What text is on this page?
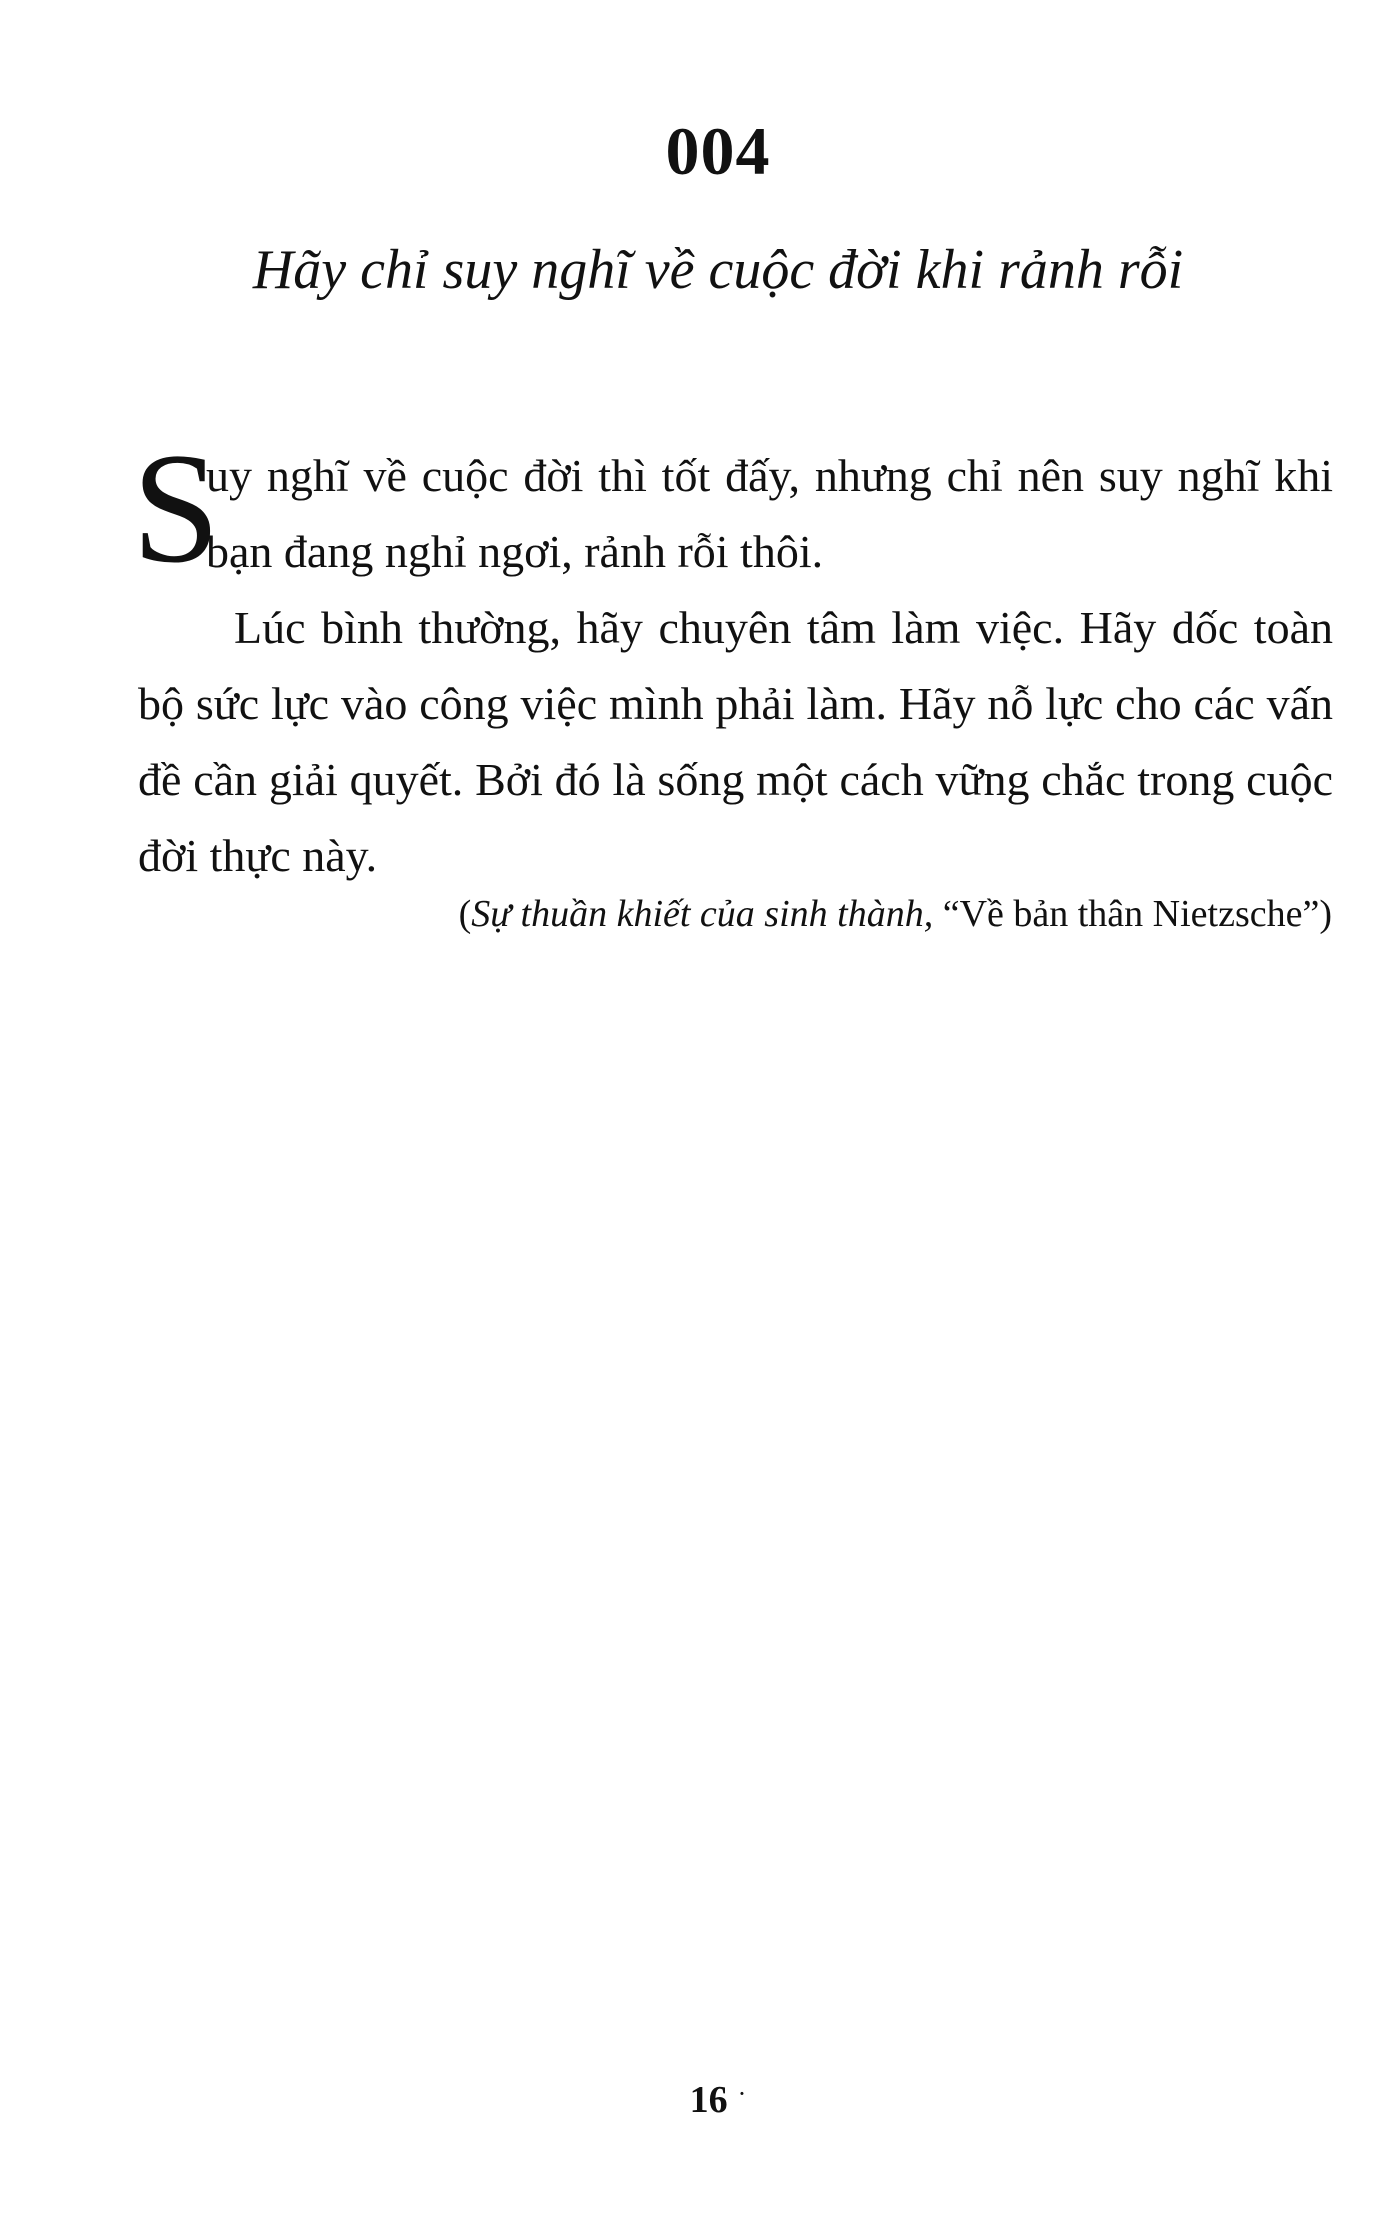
004
Hãy chỉ suy nghĩ về cuộc đời khi rảnh rỗi

S
uy nghĩ về cuộc đời thì tốt đấy, nhưng chỉ nên suy nghĩ khi bạn đang nghỉ ngơi, rảnh rỗi thôi.

Lúc bình thường, hãy chuyên tâm làm việc. Hãy dốc toàn bộ sức lực vào công việc mình phải làm. Hãy nỗ lực cho các vấn đề cần giải quyết. Bởi đó là sống một cách vững chắc trong cuộc đời thực này.

(Sự thuần khiết của sinh thành, “Về bản thân Nietzsche”)
16 ·
